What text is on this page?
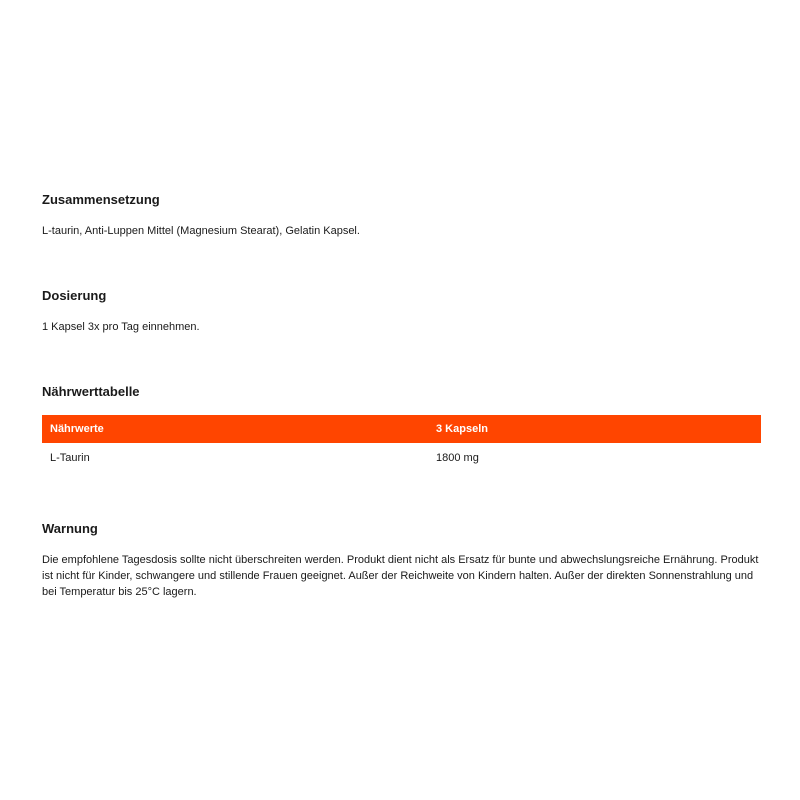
Zusammensetzung

L-taurin, Anti-Luppen Mittel (Magnesium Stearat), Gelatin Kapsel.

Dosierung

1 Kapsel 3x pro Tag einnehmen.

Nährwerttabelle
Nährwerte	3 Kapseln
L-Taurin	1800 mg
Warnung

Die empfohlene Tagesdosis sollte nicht überschreiten werden. Produkt dient nicht als Ersatz für bunte und abwechslungsreiche Ernährung. Produkt ist nicht für Kinder, schwangere und stillende Frauen geeignet. Außer der Reichweite von Kindern halten. Außer der direkten Sonnenstrahlung und bei Temperatur bis 25°C lagern.
